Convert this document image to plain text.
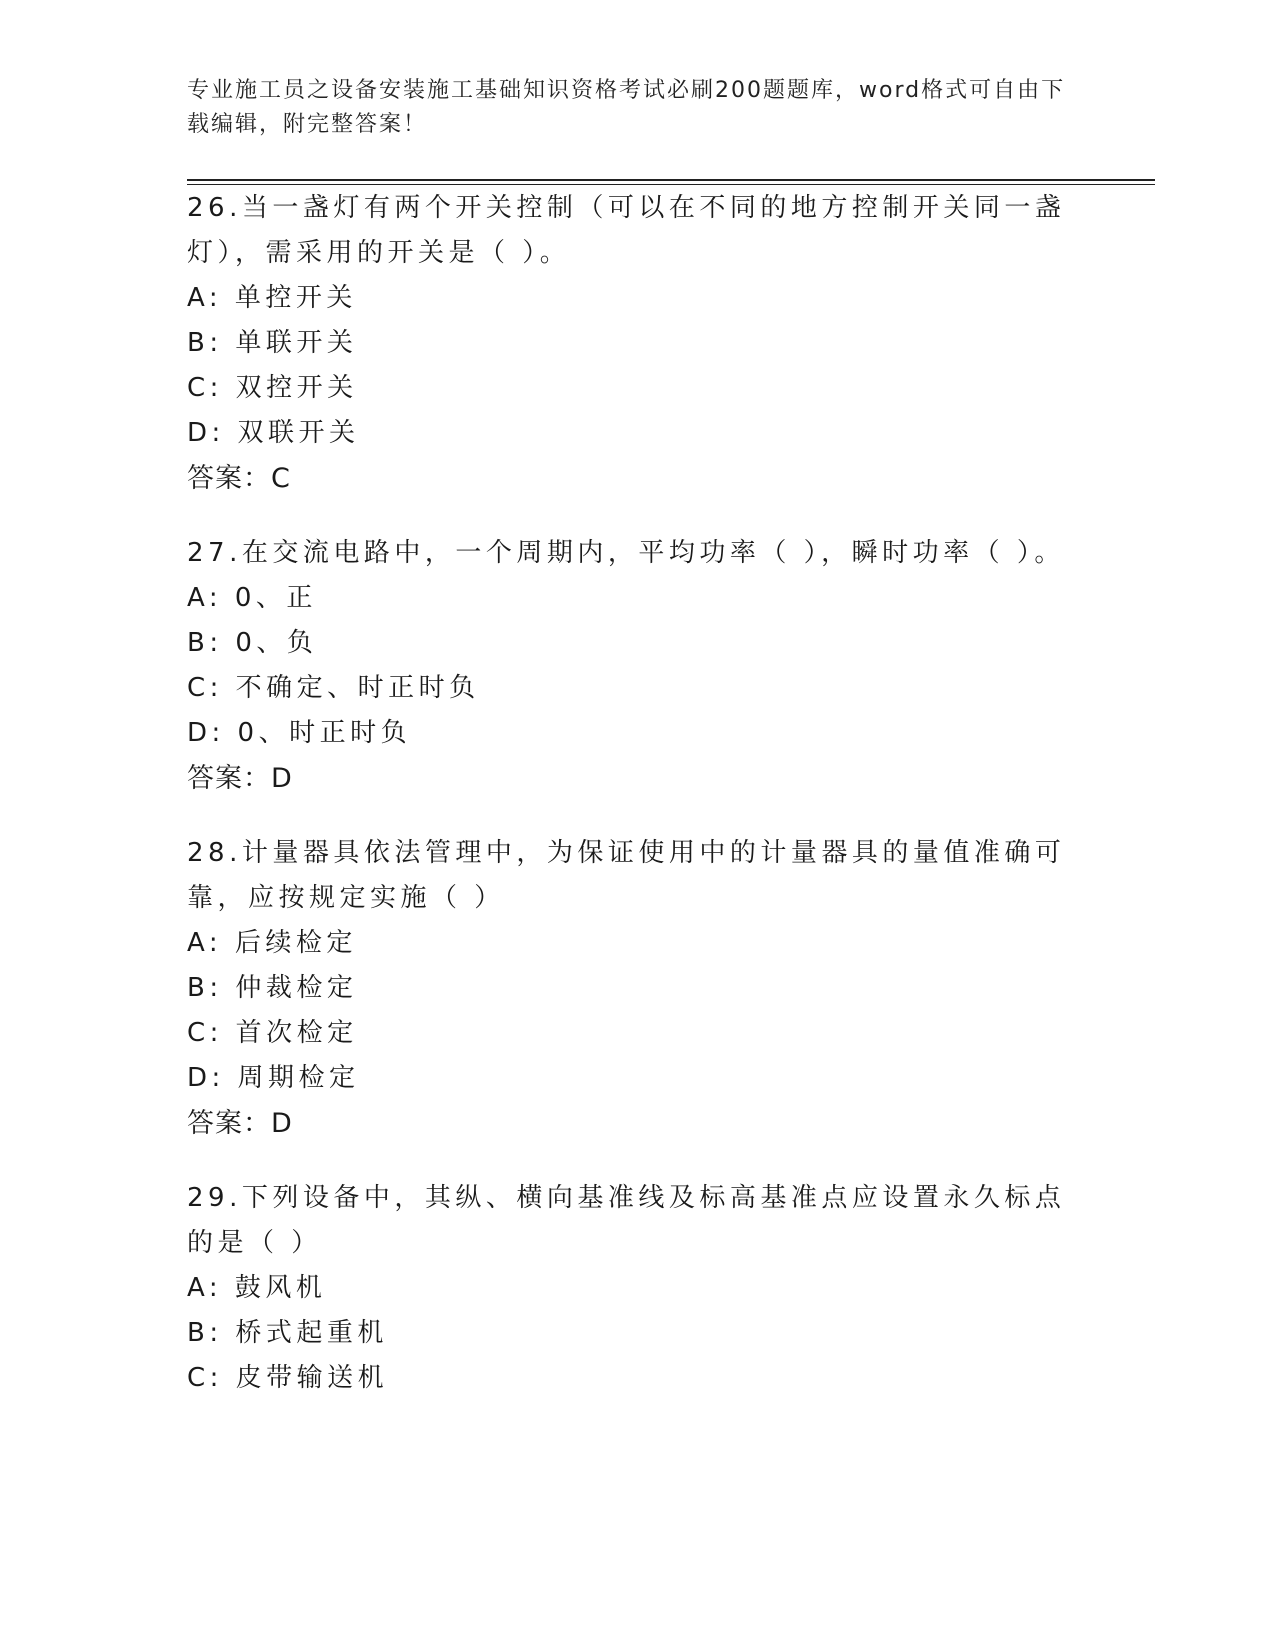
专业施工员之设备安装施工基础知识资格考试必刷200题题库，word格式可自由下载编辑，附完整答案！

26.当一盏灯有两个开关控制（可以在不同的地方控制开关同一盏灯），需采用的开关是（ ）。

A: 单控开关

B: 单联开关

C: 双控开关

D: 双联开关

答案：C

27.在交流电路中，一个周期内，平均功率（ ），瞬时功率（ ）。

A: 0、正

B: 0、负

C: 不确定、时正时负

D: 0、时正时负

答案：D

28.计量器具依法管理中，为保证使用中的计量器具的量值准确可靠，应按规定实施（ ）

A: 后续检定

B: 仲裁检定

C: 首次检定

D: 周期检定

答案：D

29.下列设备中，其纵、横向基准线及标高基准点应设置永久标点的是（ ）

A: 鼓风机

B: 桥式起重机

C: 皮带输送机
